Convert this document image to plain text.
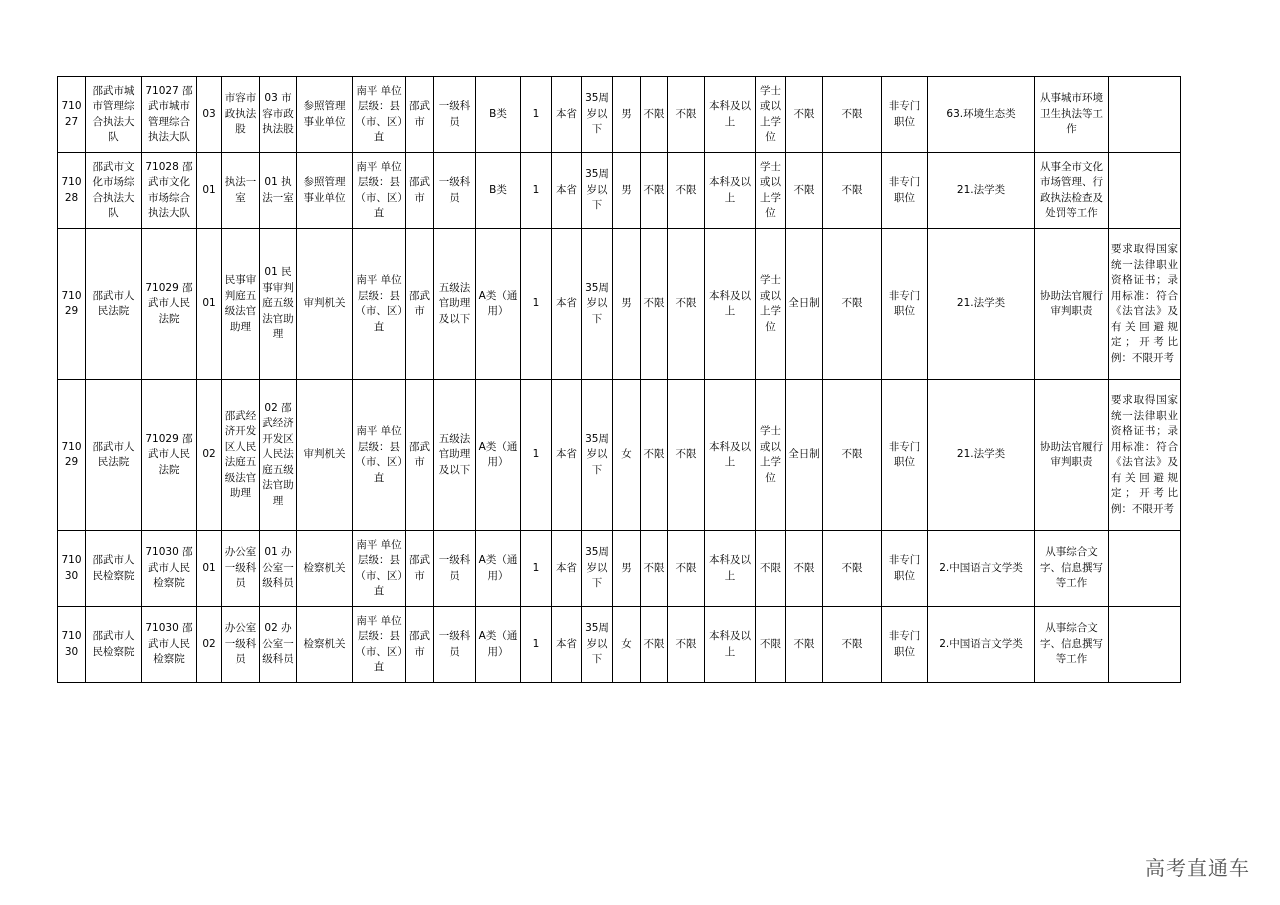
71027	邵武市城市管理综合执法大队	71027 邵武市城市管理综合执法大队	03	市容市政执法股	03 市容市政执法股	参照管理事业单位	南平 单位层级：县（市、区）直	邵武市	一级科员	B类	1	本省	35周岁以下	男	不限	不限	本科及以上	学士或以上学位	不限	不限	非专门职位	63.环境生态类	从事城市环境卫生执法等工作	
71028	邵武市文化市场综合执法大队	71028 邵武市文化市场综合执法大队	01	执法一室	01 执法一室	参照管理事业单位	南平 单位层级：县（市、区）直	邵武市	一级科员	B类	1	本省	35周岁以下	男	不限	不限	本科及以上	学士或以上学位	不限	不限	非专门职位	21.法学类	从事全市文化市场管理、行政执法检查及处罚等工作	
71029	邵武市人民法院	71029 邵武市人民法院	01	民事审判庭五级法官助理	01 民事审判庭五级法官助理	审判机关	南平 单位层级：县（市、区）直	邵武市	五级法官助理及以下	A类（通用）	1	本省	35周岁以下	男	不限	不限	本科及以上	学士或以上学位	全日制	不限	非专门职位	21.法学类	协助法官履行审判职责	要求取得国家统一法律职业资格证书；录用标准：符合《法官法》及有关回避规定；开考比例：不限开考
71029	邵武市人民法院	71029 邵武市人民法院	02	邵武经济开发区人民法庭五级法官助理	02 邵武经济开发区人民法庭五级法官助理	审判机关	南平 单位层级：县（市、区）直	邵武市	五级法官助理及以下	A类（通用）	1	本省	35周岁以下	女	不限	不限	本科及以上	学士或以上学位	全日制	不限	非专门职位	21.法学类	协助法官履行审判职责	要求取得国家统一法律职业资格证书；录用标准：符合《法官法》及有关回避规定；开考比例：不限开考
71030	邵武市人民检察院	71030 邵武市人民检察院	01	办公室一级科员	01 办公室一级科员	检察机关	南平 单位层级：县（市、区）直	邵武市	一级科员	A类（通用）	1	本省	35周岁以下	男	不限	不限	本科及以上	不限	不限	不限	非专门职位	2.中国语言文学类	从事综合文字、信息撰写等工作	
71030	邵武市人民检察院	71030 邵武市人民检察院	02	办公室一级科员	02 办公室一级科员	检察机关	南平 单位层级：县（市、区）直	邵武市	一级科员	A类（通用）	1	本省	35周岁以下	女	不限	不限	本科及以上	不限	不限	不限	非专门职位	2.中国语言文学类	从事综合文字、信息撰写等工作	
高考直通车
